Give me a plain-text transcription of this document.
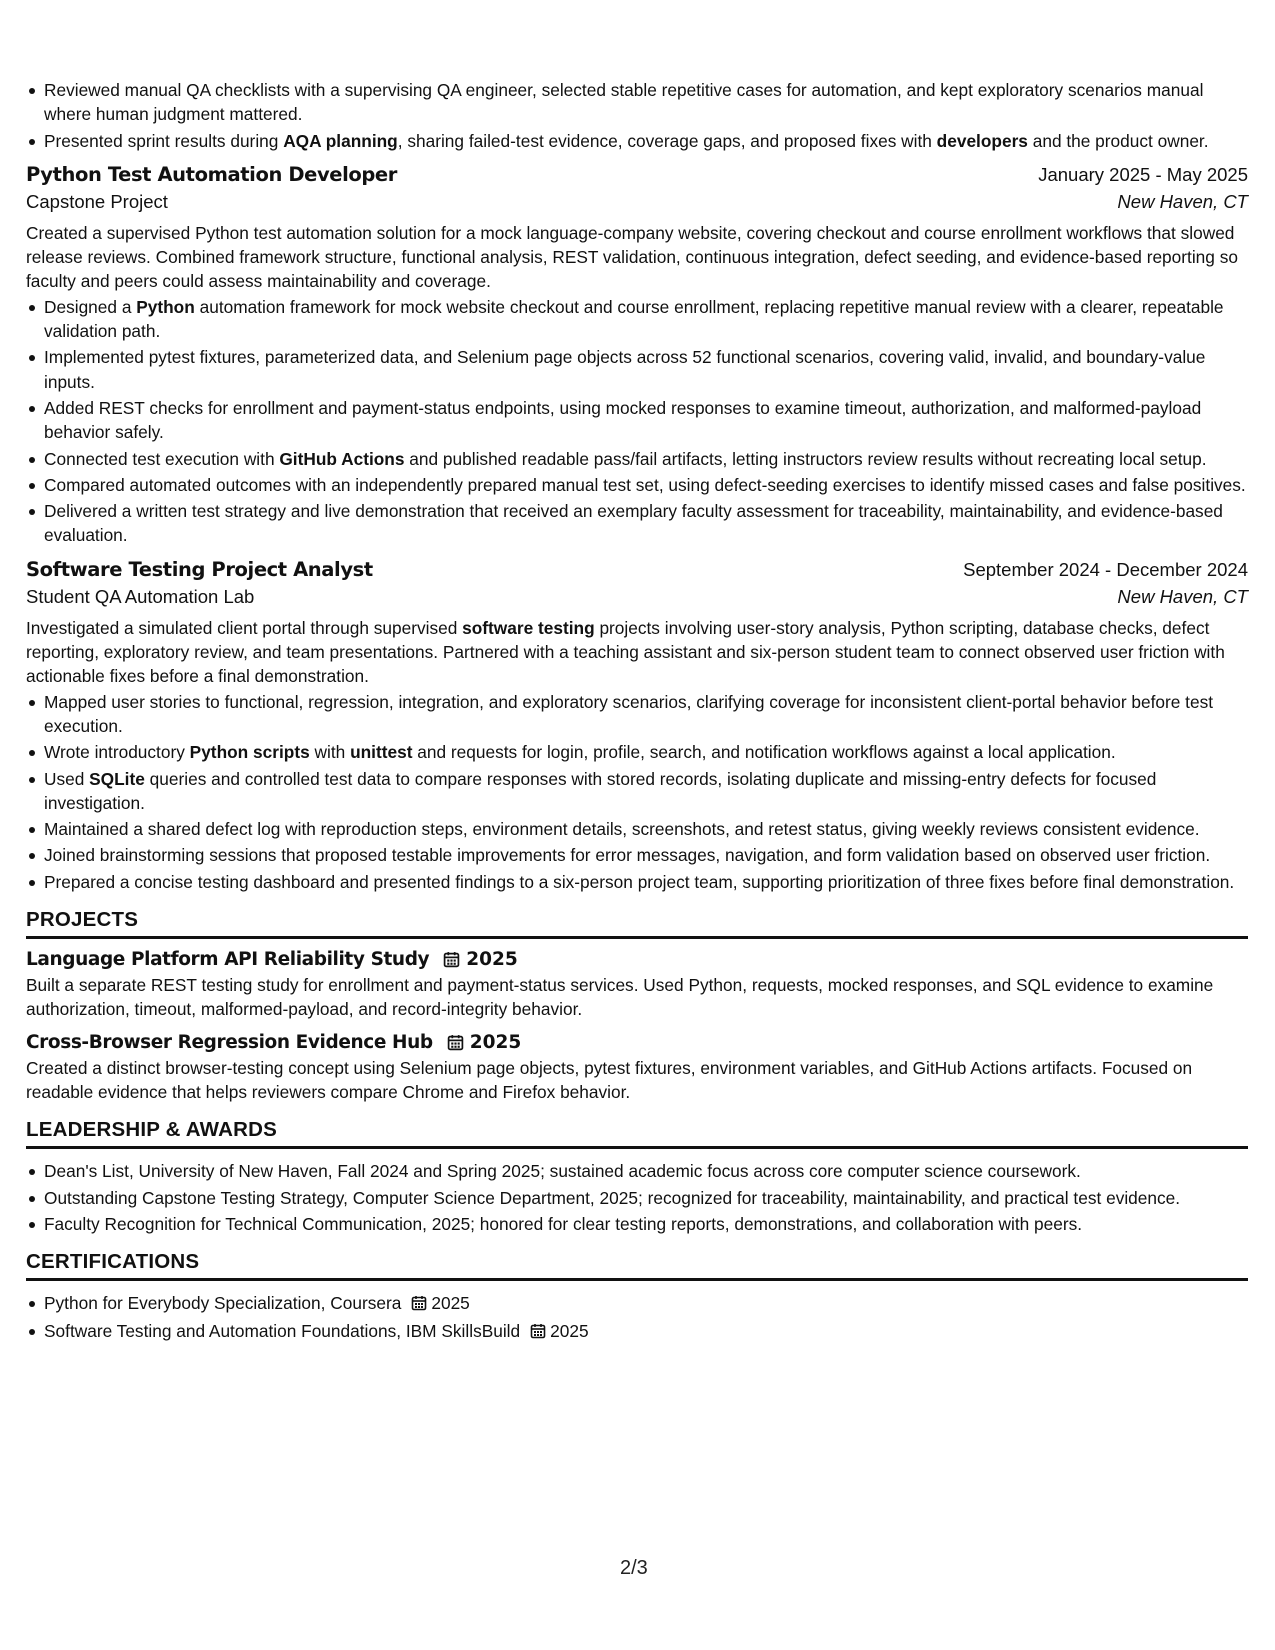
Reviewed manual QA checklists with a supervising QA engineer, selected stable repetitive cases for automation, and kept exploratory scenarios manual where human judgment mattered.
Presented sprint results during AQA planning, sharing failed-test evidence, coverage gaps, and proposed fixes with developers and the product owner.
Python Test Automation Developer	January 2025 - May 2025
Capstone Project	New Haven, CT
Created a supervised Python test automation solution for a mock language-company website, covering checkout and course enrollment workflows that slowed release reviews. Combined framework structure, functional analysis, REST validation, continuous integration, defect seeding, and evidence-based reporting so faculty and peers could assess maintainability and coverage.
Designed a Python automation framework for mock website checkout and course enrollment, replacing repetitive manual review with a clearer, repeatable validation path.
Implemented pytest fixtures, parameterized data, and Selenium page objects across 52 functional scenarios, covering valid, invalid, and boundary-value inputs.
Added REST checks for enrollment and payment-status endpoints, using mocked responses to examine timeout, authorization, and malformed-payload behavior safely.
Connected test execution with GitHub Actions and published readable pass/fail artifacts, letting instructors review results without recreating local setup.
Compared automated outcomes with an independently prepared manual test set, using defect-seeding exercises to identify missed cases and false positives.
Delivered a written test strategy and live demonstration that received an exemplary faculty assessment for traceability, maintainability, and evidence-based evaluation.
Software Testing Project Analyst	September 2024 - December 2024
Student QA Automation Lab	New Haven, CT
Investigated a simulated client portal through supervised software testing projects involving user-story analysis, Python scripting, database checks, defect reporting, exploratory review, and team presentations. Partnered with a teaching assistant and six-person student team to connect observed user friction with actionable fixes before a final demonstration.
Mapped user stories to functional, regression, integration, and exploratory scenarios, clarifying coverage for inconsistent client-portal behavior before test execution.
Wrote introductory Python scripts with unittest and requests for login, profile, search, and notification workflows against a local application.
Used SQLite queries and controlled test data to compare responses with stored records, isolating duplicate and missing-entry defects for focused investigation.
Maintained a shared defect log with reproduction steps, environment details, screenshots, and retest status, giving weekly reviews consistent evidence.
Joined brainstorming sessions that proposed testable improvements for error messages, navigation, and form validation based on observed user friction.
Prepared a concise testing dashboard and presented findings to a six-person project team, supporting prioritization of three fixes before final demonstration.
PROJECTS
Language Platform API Reliability Study 2025
Built a separate REST testing study for enrollment and payment-status services. Used Python, requests, mocked responses, and SQL evidence to examine authorization, timeout, malformed-payload, and record-integrity behavior.
Cross-Browser Regression Evidence Hub 2025
Created a distinct browser-testing concept using Selenium page objects, pytest fixtures, environment variables, and GitHub Actions artifacts. Focused on readable evidence that helps reviewers compare Chrome and Firefox behavior.
LEADERSHIP & AWARDS
Dean's List, University of New Haven, Fall 2024 and Spring 2025; sustained academic focus across core computer science coursework.
Outstanding Capstone Testing Strategy, Computer Science Department, 2025; recognized for traceability, maintainability, and practical test evidence.
Faculty Recognition for Technical Communication, 2025; honored for clear testing reports, demonstrations, and collaboration with peers.
CERTIFICATIONS
Python for Everybody Specialization, Coursera 2025
Software Testing and Automation Foundations, IBM SkillsBuild 2025
2/3
